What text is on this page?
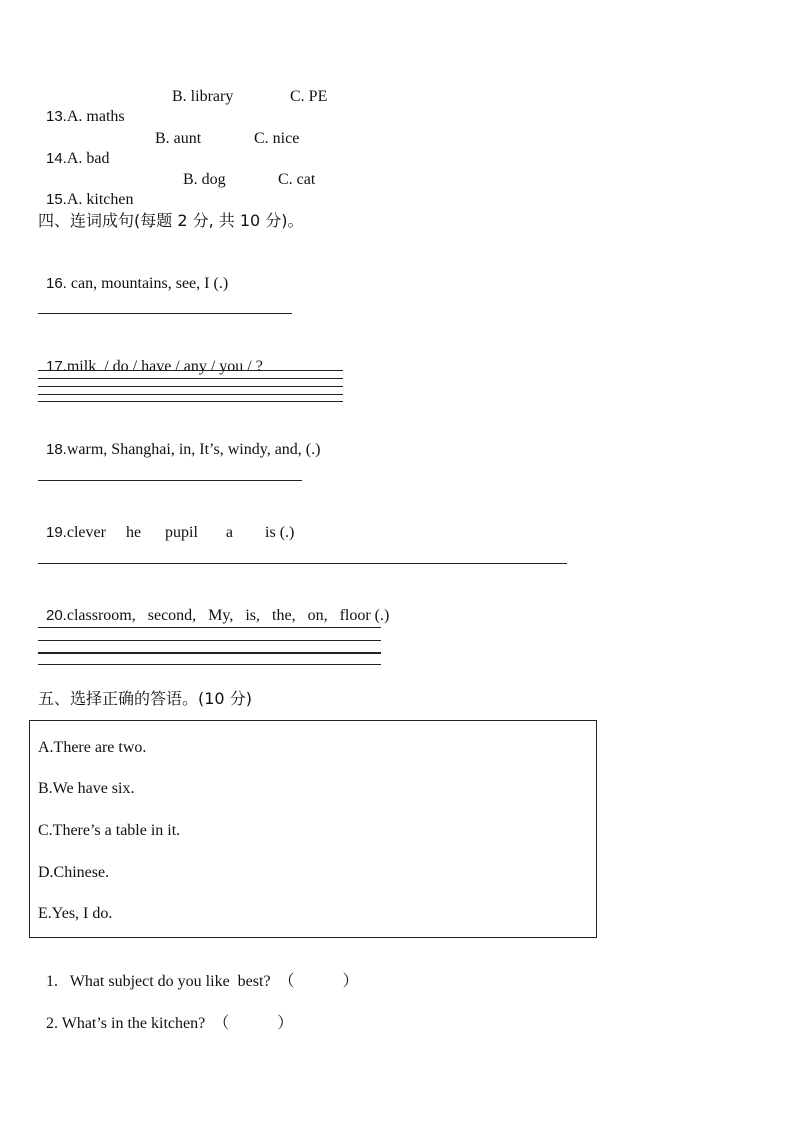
13.A. maths

B. library	C. PE

14.A. bad

B. aunt	C. nice

15.A. kitchen

B. dog	C. cat
四、连词成句(每题 2 分, 共 10 分)。

16. can, mountains, see, I (.)

17.milk  / do / have / any / you / ?

18.warm, Shanghai, in, It’s, windy, and, (.)

19.clever     he      pupil       a        is (.)

20.classroom,   second,   My,   is,   the,   on,   floor (.)

五、选择正确的答语。(10 分)
A.There are two.
B.We have six.
C.There’s a table in it.
D.Chinese.
E.Yes, I do.

1.   What subject do you like  best?  （            ）

2. What’s in the kitchen?  （            ）
